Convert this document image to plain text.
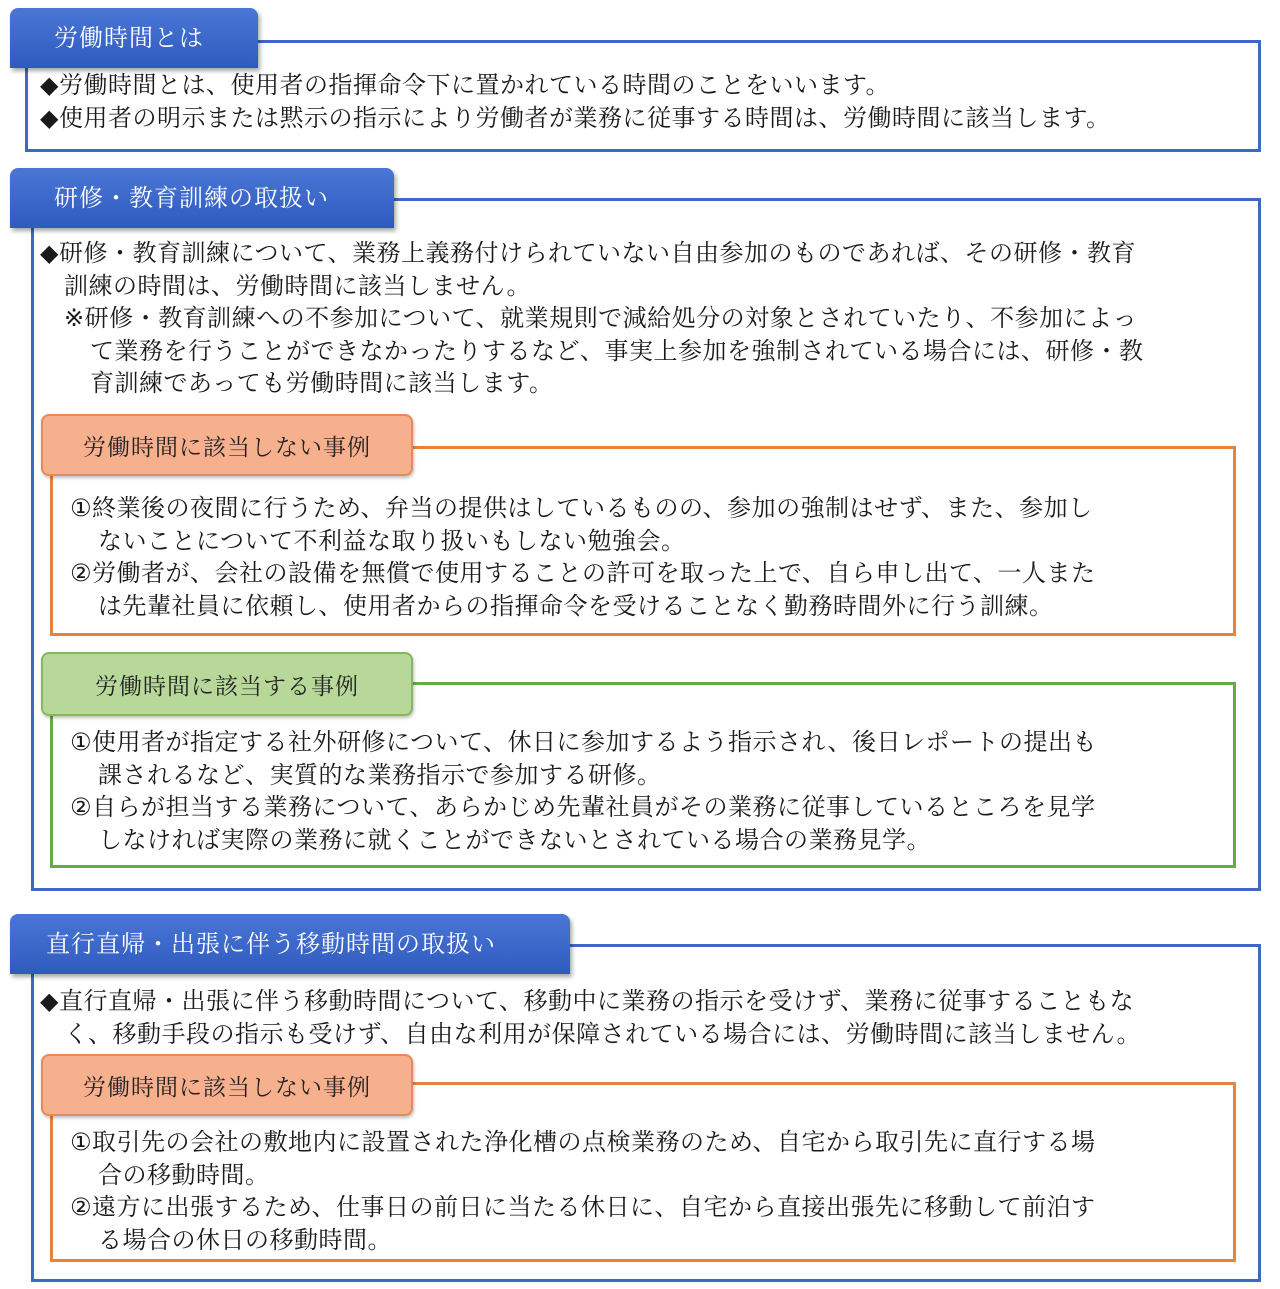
労働時間とは
◆労働時間とは、使用者の指揮命令下に置かれている時間のことをいいます。
◆使用者の明示または黙示の指示により労働者が業務に従事する時間は、労働時間に該当します。
研修・教育訓練の取扱い
◆研修・教育訓練について、業務上義務付けられていない自由参加のものであれば、その研修・教育
訓練の時間は、労働時間に該当しません。
※研修・教育訓練への不参加について、就業規則で減給処分の対象とされていたり、不参加によっ
て業務を行うことができなかったりするなど、事実上参加を強制されている場合には、研修・教
育訓練であっても労働時間に該当します。
労働時間に該当しない事例
①終業後の夜間に行うため、弁当の提供はしているものの、参加の強制はせず、また、参加し
ないことについて不利益な取り扱いもしない勉強会。
②労働者が、会社の設備を無償で使用することの許可を取った上で、自ら申し出て、一人また
は先輩社員に依頼し、使用者からの指揮命令を受けることなく勤務時間外に行う訓練。
労働時間に該当する事例
①使用者が指定する社外研修について、休日に参加するよう指示され、後日レポートの提出も
課されるなど、実質的な業務指示で参加する研修。
②自らが担当する業務について、あらかじめ先輩社員がその業務に従事しているところを見学
しなければ実際の業務に就くことができないとされている場合の業務見学。
直行直帰・出張に伴う移動時間の取扱い
◆直行直帰・出張に伴う移動時間について、移動中に業務の指示を受けず、業務に従事することもな
く、移動手段の指示も受けず、自由な利用が保障されている場合には、労働時間に該当しません。
労働時間に該当しない事例
①取引先の会社の敷地内に設置された浄化槽の点検業務のため、自宅から取引先に直行する場
合の移動時間。
②遠方に出張するため、仕事日の前日に当たる休日に、自宅から直接出張先に移動して前泊す
る場合の休日の移動時間。
